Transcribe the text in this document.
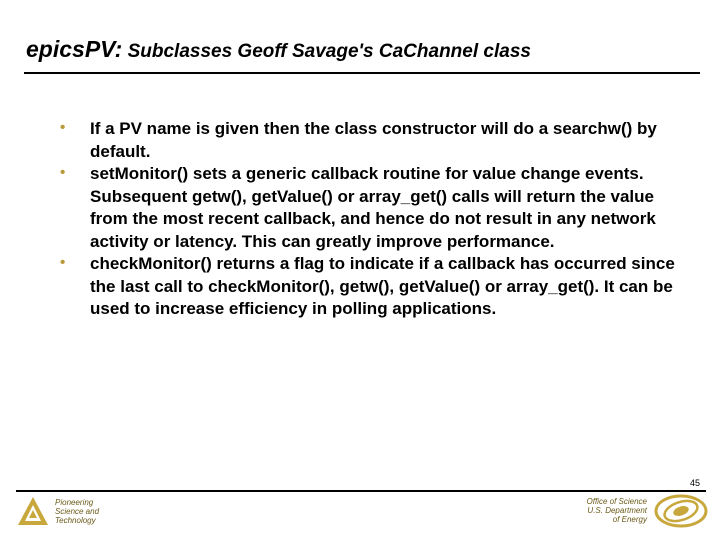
epicsPV: Subclasses Geoff Savage's CaChannel class
• If a PV name is given then the class constructor will do a searchw() by default.
• setMonitor() sets a generic callback routine for value change events. Subsequent getw(), getValue() or array_get() calls will return the value from the most recent callback, and hence do not result in any network activity or latency. This can greatly improve performance.
• checkMonitor() returns a flag to indicate if a callback has occurred since the last call to checkMonitor(), getw(), getValue() or array_get(). It can be used to increase efficiency in polling applications.
45
Pioneering
Science and
Technology
Office of Science
U.S. Department
of Energy
